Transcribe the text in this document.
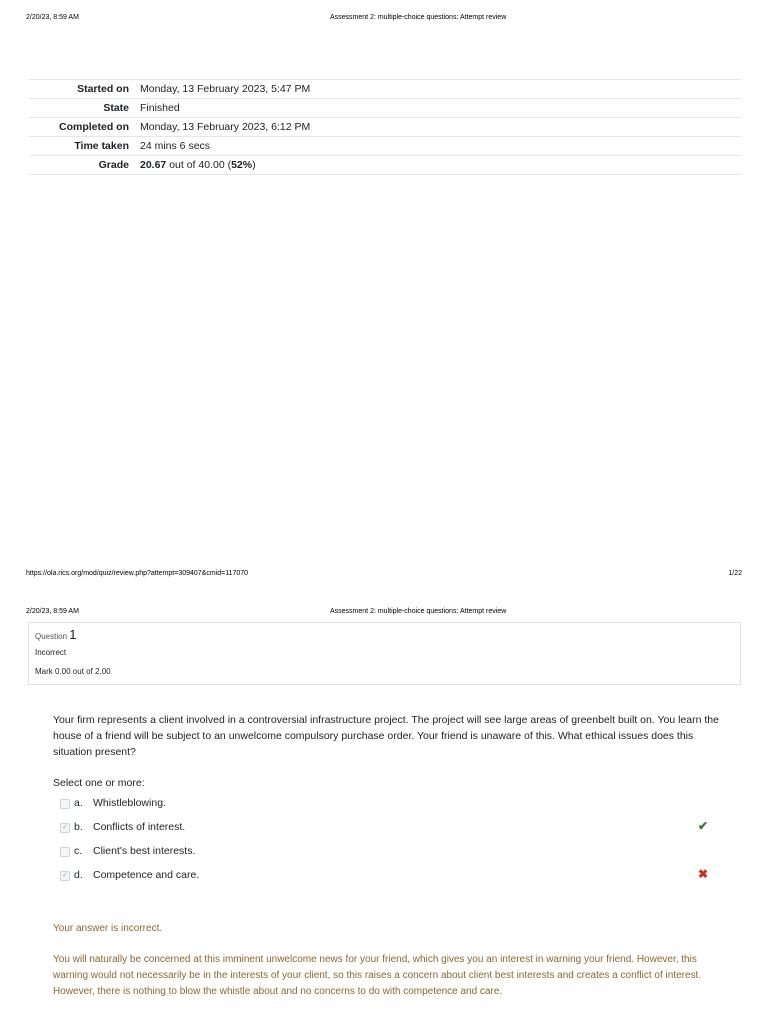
2/20/23, 8:59 AM	Assessment 2: multiple-choice questions: Attempt review
Started on	Monday, 13 February 2023, 5:47 PM
State	Finished
Completed on	Monday, 13 February 2023, 6:12 PM
Time taken	24 mins 6 secs
Grade	20.67 out of 40.00 (52%)
https://ola.rics.org/mod/quiz/review.php?attempt=309407&cmid=117070	1/22
2/20/23, 8:59 AM	Assessment 2: multiple-choice questions: Attempt review
Question 1
Incorrect
Mark 0.00 out of 2.00

Your firm represents a client involved in a controversial infrastructure project. The project will see large areas of greenbelt built on. You learn the house of a friend will be subject to an unwelcome compulsory purchase order. Your friend is unaware of this. What ethical issues does this situation present?

Select one or more:
a. Whistleblowing.
✓ b. Conflicts of interest.	✔
c. Client's best interests.
✓ d. Competence and care.	✖

Your answer is incorrect.

You will naturally be concerned at this imminent unwelcome news for your friend, which gives you an interest in warning your friend. However, this warning would not necessarily be in the interests of your client, so this raises a concern about client best interests and creates a conflict of interest. However, there is nothing to blow the whistle about and no concerns to do with competence and care.
